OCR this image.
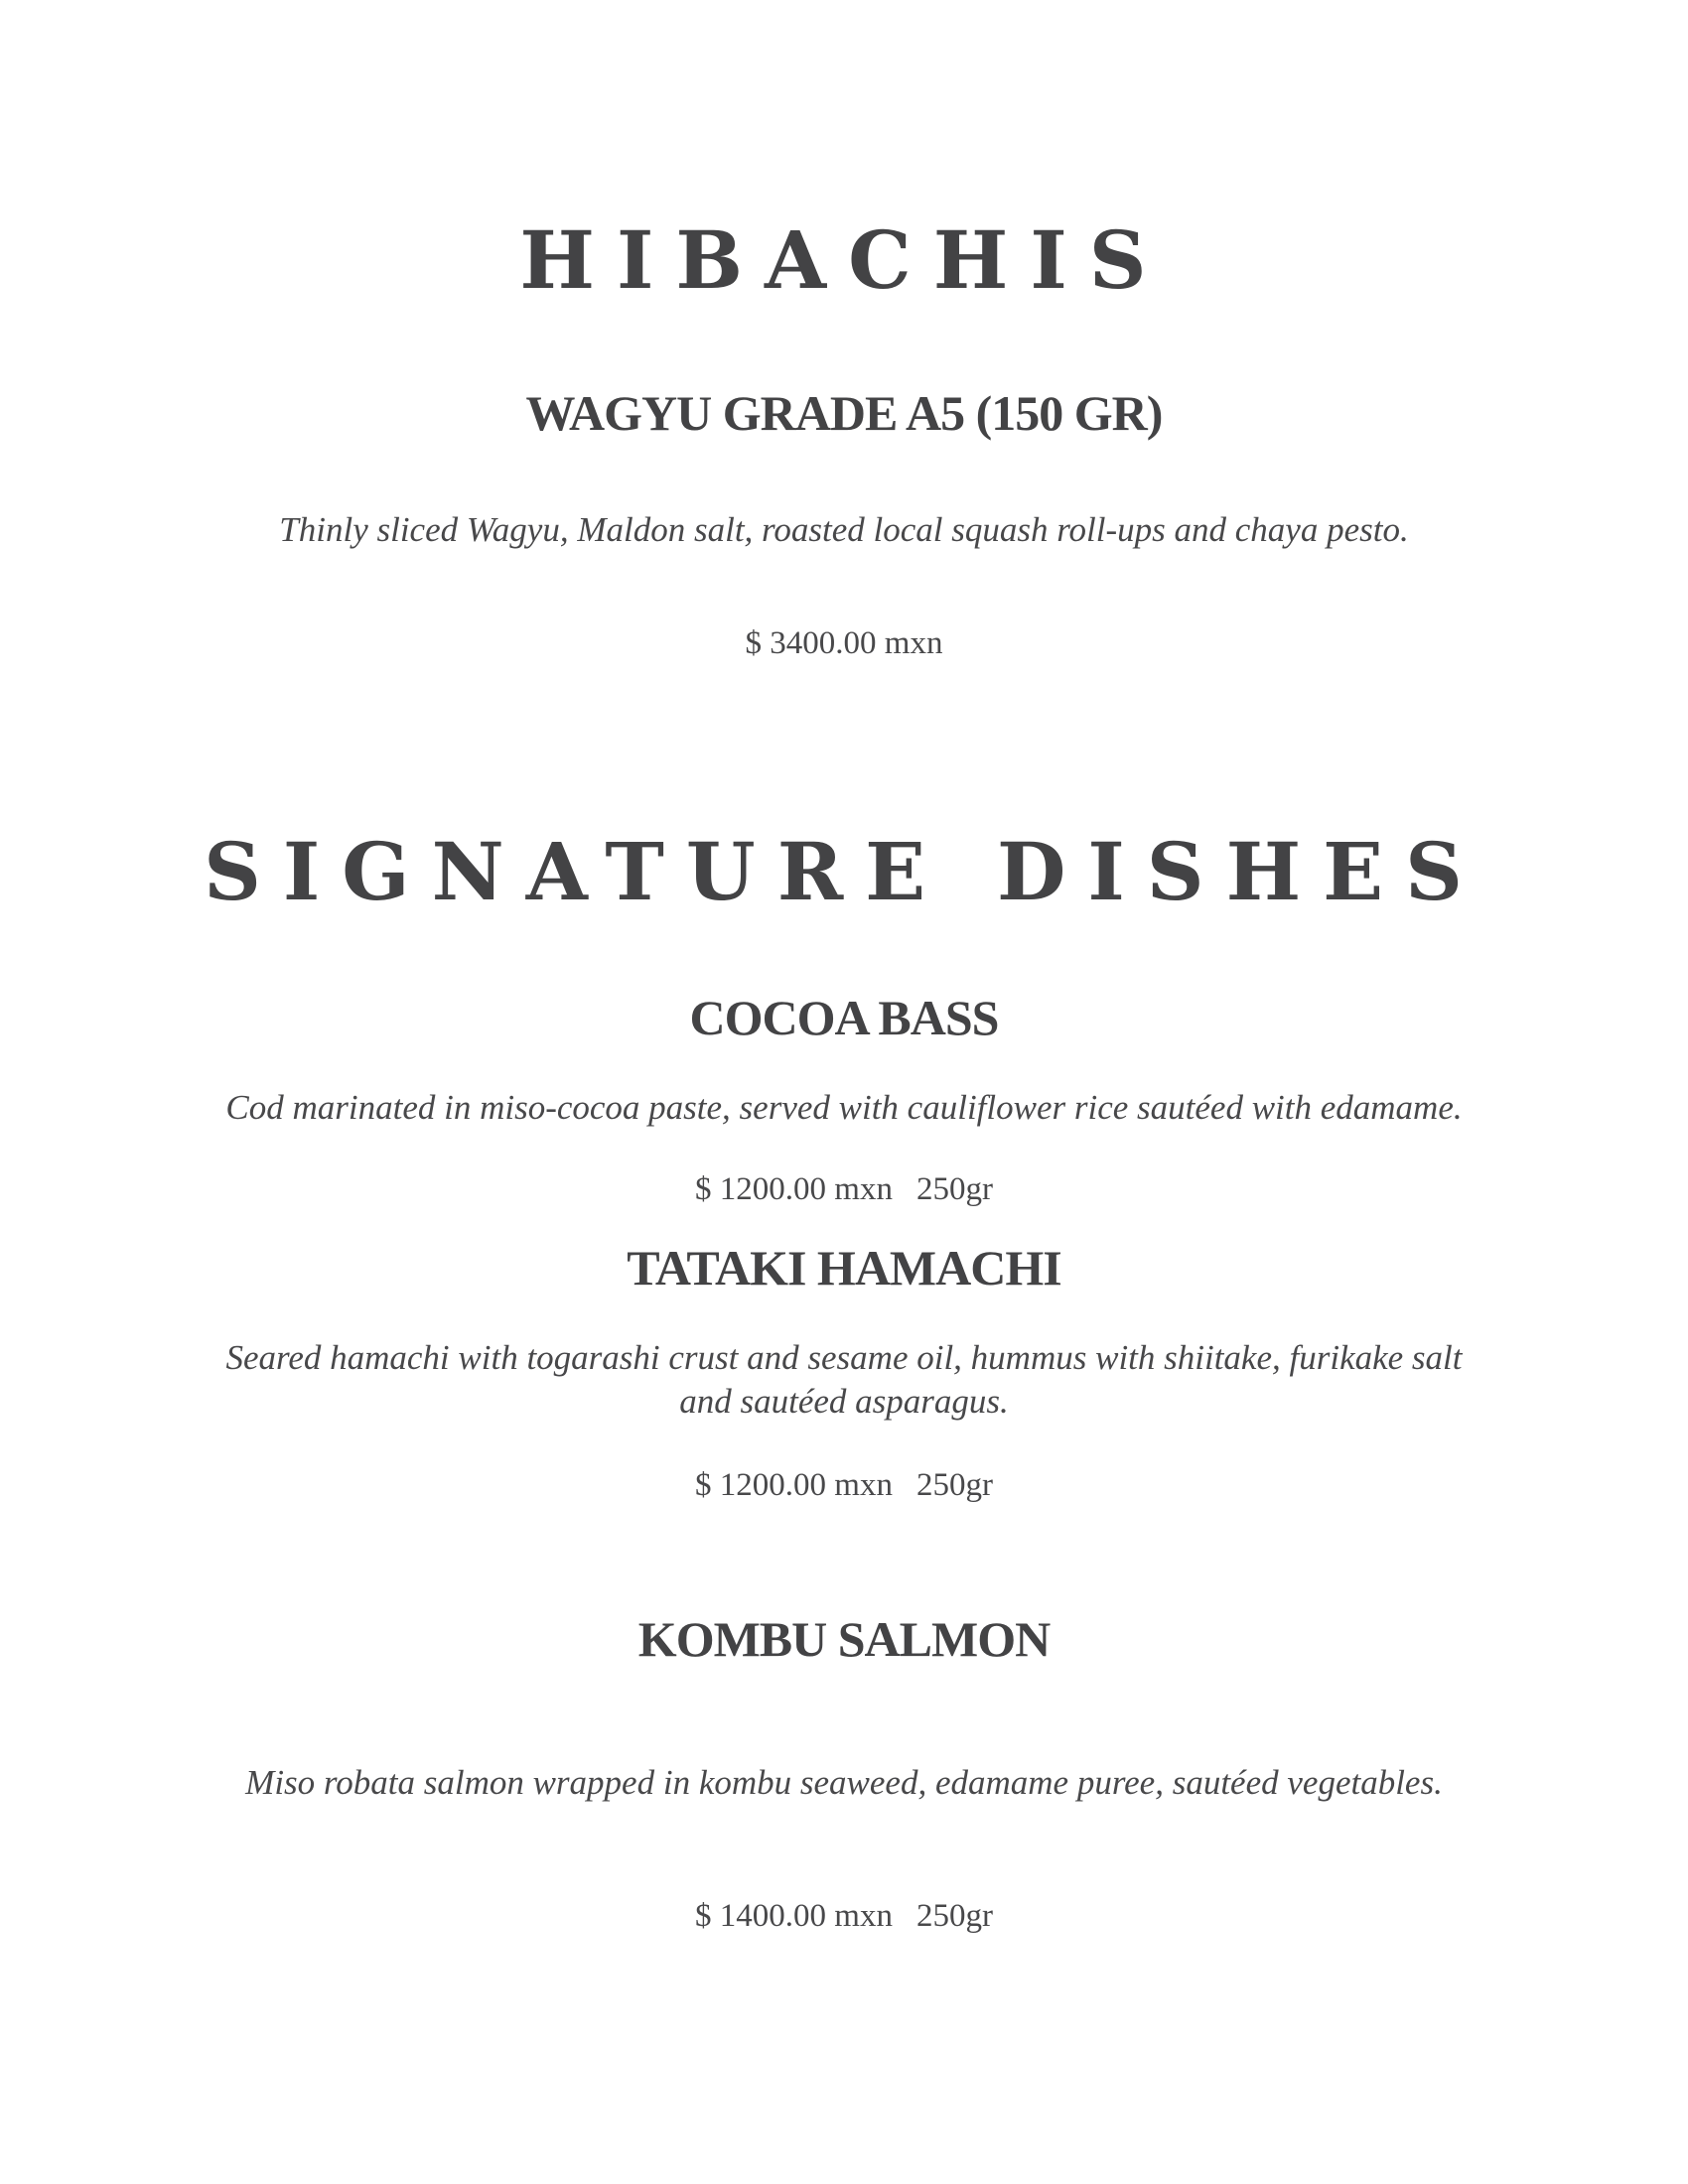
HIBACHIS
WAGYU GRADE A5 (150 GR)
Thinly sliced Wagyu, Maldon salt, roasted local squash roll-ups and chaya pesto.
$ 3400.00 mxn
SIGNATURE DISHES
COCOA BASS
Cod marinated in miso-cocoa paste, served with cauliflower rice sautéed with edamame.
$ 1200.00 mxn 250gr
TATAKI HAMACHI
Seared hamachi with togarashi crust and sesame oil, hummus with shiitake, furikake salt
and sautéed asparagus.
$ 1200.00 mxn 250gr
KOMBU SALMON
Miso robata salmon wrapped in kombu seaweed, edamame puree, sautéed vegetables.
$ 1400.00 mxn 250gr
